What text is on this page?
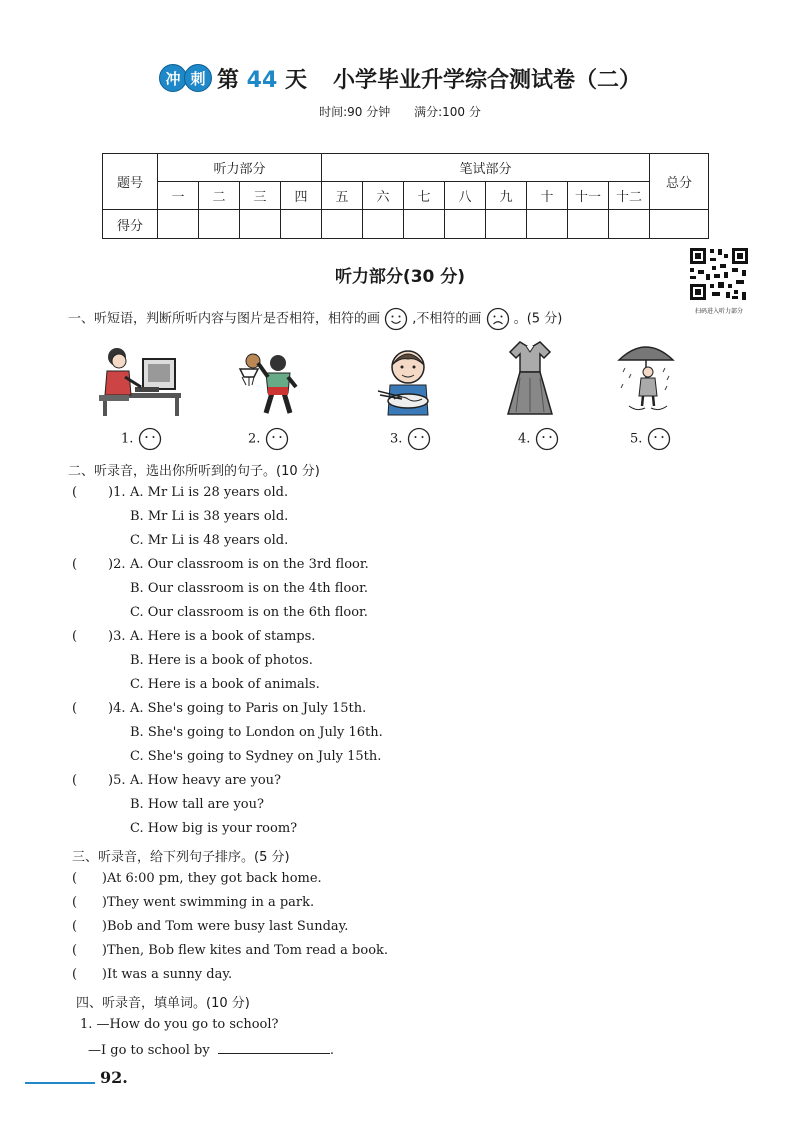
冲 刺 第 44 天 小学毕业升学综合测试卷（二）
时间:90 分钟 满分:100 分
题号	听力部分				笔试部分								总分
	一	二	三	四	五	六	七	八	九	十	十一	十二	
得分													
听力部分(30 分)
扫码进入听力部分
一、听短语，判断所听内容与图片是否相符，相符的画 ,不相符的画 。(5 分)
1.	2.	3.	4.	5.
二、听录音，选出你所听到的句子。(10 分)
( )1. A. Mr Li is 28 years old.
B. Mr Li is 38 years old.
C. Mr Li is 48 years old.
( )2. A. Our classroom is on the 3rd floor.
B. Our classroom is on the 4th floor.
C. Our classroom is on the 6th floor.
( )3. A. Here is a book of stamps.
B. Here is a book of photos.
C. Here is a book of animals.
( )4. A. She's going to Paris on July 15th.
B. She's going to London on July 16th.
C. She's going to Sydney on July 15th.
( )5. A. How heavy are you?
B. How tall are you?
C. How big is your room?
三、听录音，给下列句子排序。(5 分)
(      )At 6:00 pm, they got back home.
(      )They went swimming in a park.
(      )Bob and Tom were busy last Sunday.
(      )Then, Bob flew kites and Tom read a book.
(      )It was a sunny day.
四、听录音，填单词。(10 分)
1. —How do you go to school?
—I go to school by	.
92.
